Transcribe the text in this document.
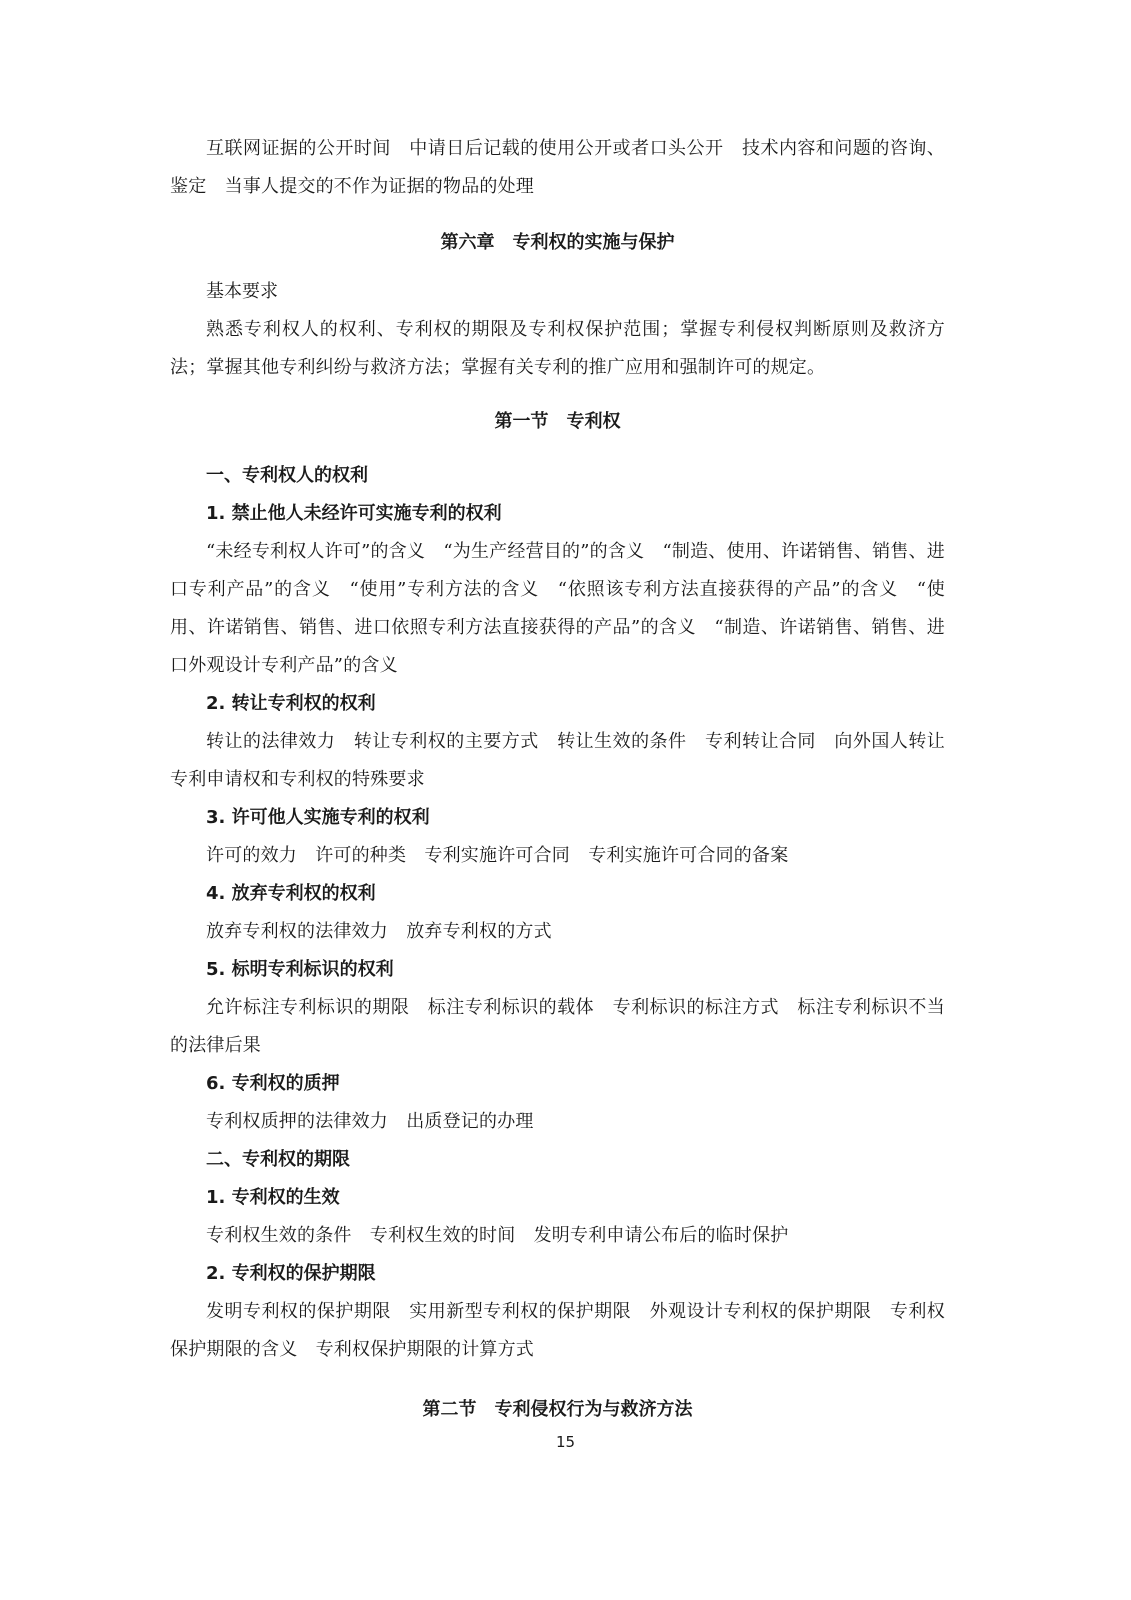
互联网证据的公开时间　中请日后记载的使用公开或者口头公开　技术内容和问题的咨询、鉴定　当事人提交的不作为证据的物品的处理

第六章　专利权的实施与保护

基本要求

熟悉专利权人的权利、专利权的期限及专利权保护范围；掌握专利侵权判断原则及救济方法；掌握其他专利纠纷与救济方法；掌握有关专利的推广应用和强制许可的规定。

第一节　专利权

一、专利权人的权利

1. 禁止他人未经许可实施专利的权利

“未经专利权人许可”的含义　“为生产经营目的”的含义　“制造、使用、许诺销售、销售、进口专利产品”的含义　“使用”专利方法的含义　“依照该专利方法直接获得的产品”的含义　“使用、许诺销售、销售、进口依照专利方法直接获得的产品”的含义　“制造、许诺销售、销售、进口外观设计专利产品”的含义

2. 转让专利权的权利

转让的法律效力　转让专利权的主要方式　转让生效的条件　专利转让合同　向外国人转让专利申请权和专利权的特殊要求

3. 许可他人实施专利的权利

许可的效力　许可的种类　专利实施许可合同　专利实施许可合同的备案

4. 放弃专利权的权利

放弃专利权的法律效力　放弃专利权的方式

5. 标明专利标识的权利

允许标注专利标识的期限　标注专利标识的载体　专利标识的标注方式　标注专利标识不当的法律后果

6. 专利权的质押

专利权质押的法律效力　出质登记的办理

二、专利权的期限

1. 专利权的生效

专利权生效的条件　专利权生效的时间　发明专利申请公布后的临时保护

2. 专利权的保护期限

发明专利权的保护期限　实用新型专利权的保护期限　外观设计专利权的保护期限　专利权保护期限的含义　专利权保护期限的计算方式

第二节　专利侵权行为与救济方法

15
